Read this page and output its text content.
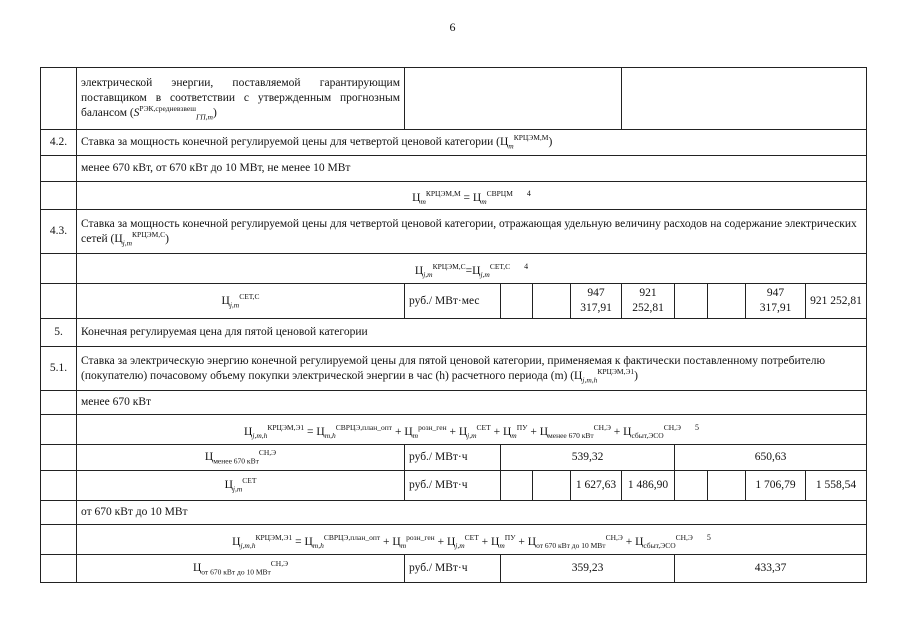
6
	электрической энергии, поставляемой гарантирующим поставщиком в соответствии с утвержденным прогнозным балансом $(S^{РЭК,средневзвеш}_{ГП,m})$									
4.2.	Ставка за мощность конечной регулируемой цены для четвертой ценовой категории $(Ц_m^{КРЦЭМ,М})$									
	менее 670 кВт, от 670 кВт до 10 МВт, не менее 10 МВт									
	$Ц_m^{КРЦЭМ,М} = Ц_m^{СВРЦМ}$ $^4$
4.3.	Ставка за мощность конечной регулируемой цены для четвертой ценовой категории, отражающая удельную величину расходов на содержание электрических сетей $(Ц_{j,m}^{КРЦЭМ,С})$									
	$Ц_{j,m}^{КРЦЭМ,С}=Ц_{j,m}^{СЕТ,С}$ $^4$
	$Ц_{j,m}^{СЕТ,С}$	руб./ МВт·мес			947 317,91	921 252,81			947 317,91	921 252,81
5.	Конечная регулируемая цена для пятой ценовой категории									
5.1.	Ставка за электрическую энергию конечной регулируемой цены для пятой ценовой категории, применяемая к фактически поставленному потребителю (покупателю) почасовому объему покупки электрической энергии в час (h) расчетного периода (m) $(Ц_{j,m,h}^{КРЦЭМ,Э1})$									
	менее 670 кВт									
	$Ц_{j,m,h}^{КРЦЭМ,Э1} = Ц_{m,h}^{СВРЦЭ,план\_опт} + Ц_m^{розн\_ген} + Ц_{j,m}^{СЕТ} + Ц_m^{ПУ} + Ц_{менее 670 кВт}^{СН,Э} + Ц_{сбыт,ЭСО}^{СН,Э}$ $^5$
	$Ц_{менее 670 кВт}^{СН,Э}$	руб./ МВт·ч	539,32				650,63			
	$Ц_{j,m}^{СЕТ}$	руб./ МВт·ч			1 627,63	1 486,90			1 706,79	1 558,54
	от 670 кВт до 10 МВт									
	$Ц_{j,m,h}^{КРЦЭМ,Э1} = Ц_{m,h}^{СВРЦЭ,план\_опт} + Ц_m^{розн\_ген} + Ц_{j,m}^{СЕТ} + Ц_m^{ПУ} + Ц_{от 670 кВт до 10 МВт}^{СН,Э} + Ц_{сбыт,ЭСО}^{СН,Э}$ $^5$
	$Ц_{от 670 кВт до 10 МВт}^{СН,Э}$	руб./ МВт·ч	359,23				433,37			
